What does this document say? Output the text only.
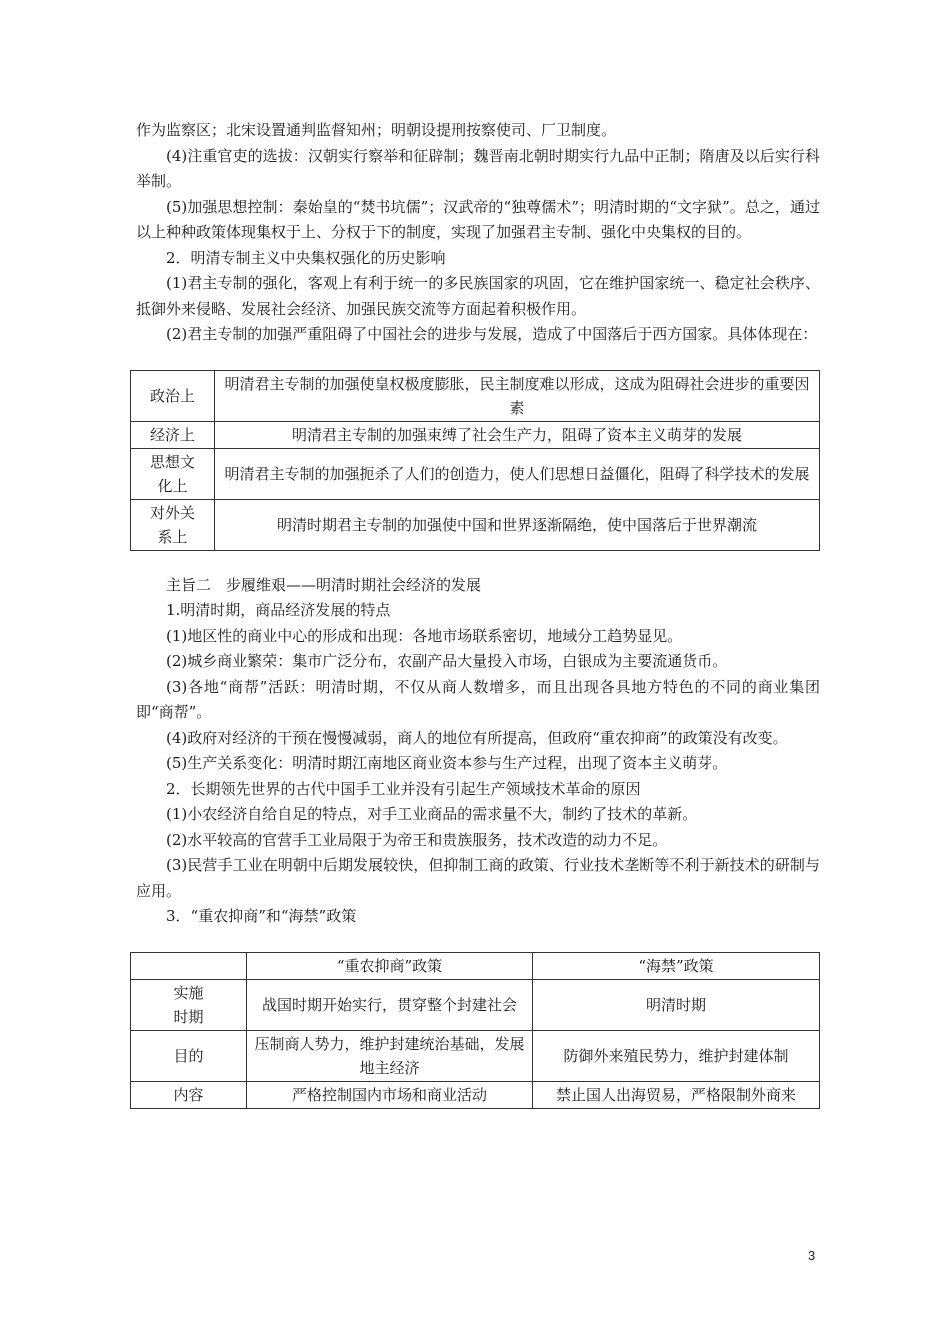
作为监察区；北宋设置通判监督知州；明朝设提刑按察使司、厂卫制度。

(4)注重官吏的选拔：汉朝实行察举和征辟制；魏晋南北朝时期实行九品中正制；隋唐及以后实行科举制。

(5)加强思想控制：秦始皇的“焚书坑儒”；汉武帝的“独尊儒术”；明清时期的“文字狱”。总之，通过以上种种政策体现集权于上、分权于下的制度，实现了加强君主专制、强化中央集权的目的。

2．明清专制主义中央集权强化的历史影响

(1)君主专制的强化，客观上有利于统一的多民族国家的巩固，它在维护国家统一、稳定社会秩序、抵御外来侵略、发展社会经济、加强民族交流等方面起着积极作用。

(2)君主专制的加强严重阻碍了中国社会的进步与发展，造成了中国落后于西方国家。具体体现在：

政治上	明清君主专制的加强使皇权极度膨胀，民主制度难以形成，这成为阻碍社会进步的重要因素
经济上	明清君主专制的加强束缚了社会生产力，阻碍了资本主义萌芽的发展
思想文化上	明清君主专制的加强扼杀了人们的创造力，使人们思想日益僵化，阻碍了科学技术的发展
对外关系上	明清时期君主专制的加强使中国和世界逐渐隔绝，使中国落后于世界潮流

主旨二　步履维艰——明清时期社会经济的发展

1.明清时期，商品经济发展的特点

(1)地区性的商业中心的形成和出现：各地市场联系密切，地域分工趋势显见。

(2)城乡商业繁荣：集市广泛分布，农副产品大量投入市场，白银成为主要流通货币。

(3)各地“商帮”活跃：明清时期，不仅从商人数增多，而且出现各具地方特色的不同的商业集团即“商帮”。

(4)政府对经济的干预在慢慢减弱，商人的地位有所提高，但政府“重农抑商”的政策没有改变。

(5)生产关系变化：明清时期江南地区商业资本参与生产过程，出现了资本主义萌芽。

2．长期领先世界的古代中国手工业并没有引起生产领域技术革命的原因

(1)小农经济自给自足的特点，对手工业商品的需求量不大，制约了技术的革新。

(2)水平较高的官营手工业局限于为帝王和贵族服务，技术改造的动力不足。

(3)民营手工业在明朝中后期发展较快，但抑制工商的政策、行业技术垄断等不利于新技术的研制与应用。

3．“重农抑商”和“海禁”政策

	“重农抑商”政策	“海禁”政策
实施时期	战国时期开始实行，贯穿整个封建社会	明清时期
目的	压制商人势力，维护封建统治基础，发展地主经济	防御外来殖民势力，维护封建体制
内容	严格控制国内市场和商业活动	禁止国人出海贸易，严格限制外商来
3
